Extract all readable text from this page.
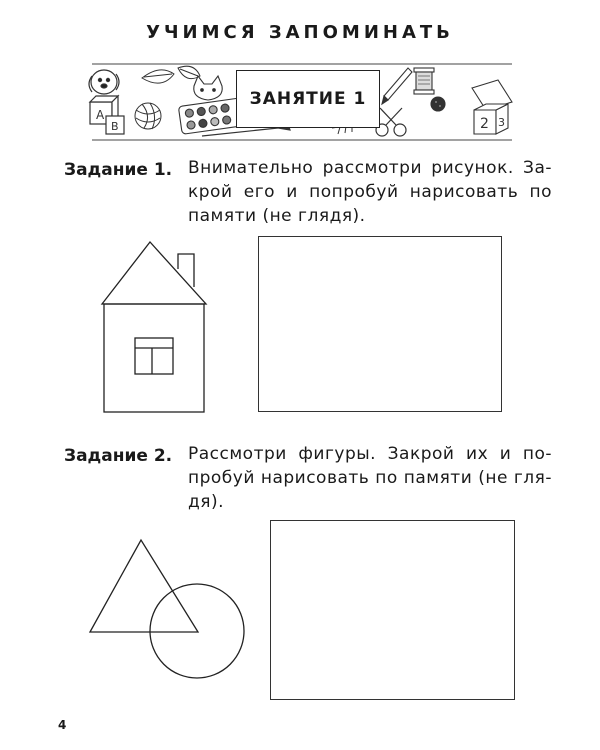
УЧИМСЯ ЗАПОМИНАТЬ
A
B	2 3
ЗАНЯТИЕ 1
Задание 1. Внимательно рассмотри рисунок. За-
крой его и попробуй нарисовать по
памяти (не глядя).
Задание 2. Рассмотри фигуры. Закрой их и по-
пробуй нарисовать по памяти (не гля-
дя).
4
